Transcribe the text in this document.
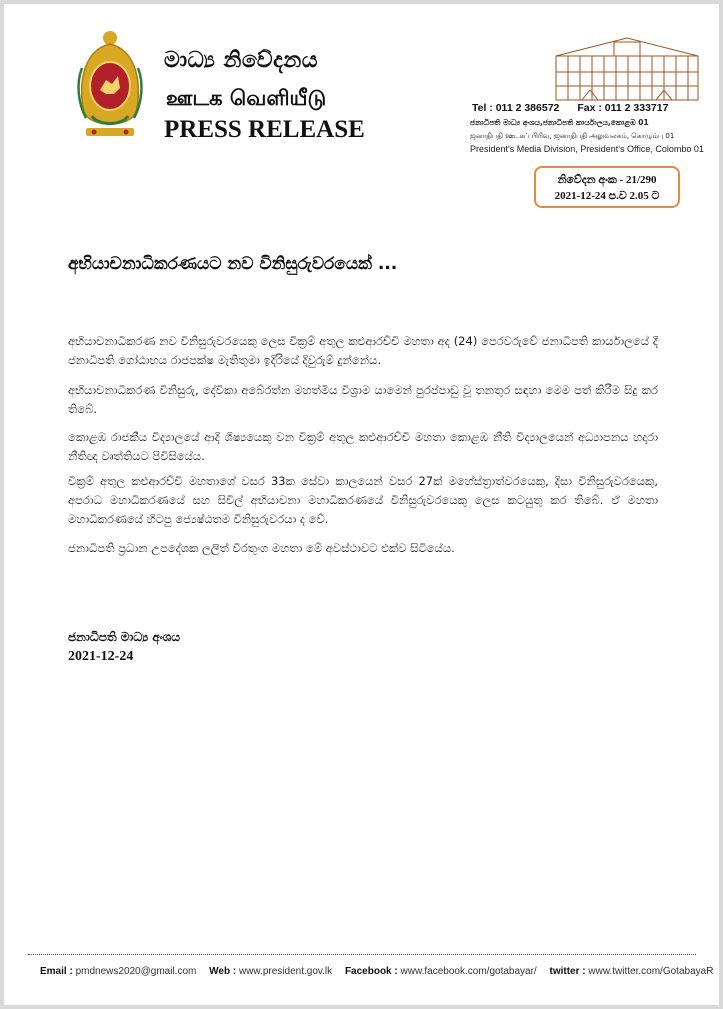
මාධ්‍ය නිවේදනය
ஊடக வெளியீடு
PRESS RELEASE
Tel : 011 2 386572 Fax : 011 2 333717
ජනාධිපති මාධ්‍ය අංශය,ජනාධිපති කාර්යාලය,කොළඹ 01
ஜனாதிபதி ஊடகப் பிரிவு, ஜனாதிபதி அலுவலகம், கொழும்பு 01
President's Media Division, President's Office, Colombo 01
නිවේදන අංක - 21/290
2021-12-24 ප.ව 2.05 ට
අභියාචනාධිකරණයට නව විනිසුරුවරයෙක් ...
අභියාචනාධිකරණ නව විනිසුරුවරයෙකු ලෙස වික්‍රම් අතුල කළුආරච්චි මහතා අද (24) පෙරවරුවේ ජනාධිපති කාර්යාලයේ දී ජනාධිපති ගෝඨාභය රාජපක්ෂ මැතිතුමා ඉදිරියේ දිවුරුම් දුන්නේය.
අභියාචනාධිකරණ විනිසුරු, දේවිකා අබේරත්න මහත්මිය විශ්‍රාම යාමෙන් පුරප්පාඩු වූ තනතුර සඳහා මෙම පත් කිරීම සිදු කර තිබේ.
කොළඹ රාජකීය විද්‍යාලයේ ආදි ශිෂ්‍යයෙකු වන වික්‍රම් අතුල කළුආරච්චි මහතා කොළඹ නීති විද්‍යාලයෙන් අධ්‍යාපනය හදාරා නීතිඥ වෘත්තියට පිවිසියේය.
වික්‍රම් අතුල කළුආරච්චි මහතාගේ වසර 33ක සේවා කාලයෙන් වසර 27ක් මහේස්ත්‍රාත්වරයෙකු, දිසා විනිසුරුවරයෙකු, අපරාධ මහාධිකරණයේ සහ සිවිල් අභියාචනා මහාධිකරණයේ විනිසුරුවරයෙකු ලෙස කටයුතු කර තිබේ. ඒ මහතා මහාධිකරණයේ හිටපු ජ්‍යෙෂ්ඨතම විනිසුරුවරයා ද වේ.
ජනාධිපති ප්‍රධාන උපදේශක ලලිත් වීරතුංග මහතා මේ අවස්ථාවට එක්ව සිටියේය.
ජනාධිපති මාධ්‍ය අංශය
2021-12-24
Email : pmdnews2020@gmail.com Web : www.president.gov.lk Facebook : www.facebook.com/gotabayar/ twitter : www.twitter.com/GotabayaR
